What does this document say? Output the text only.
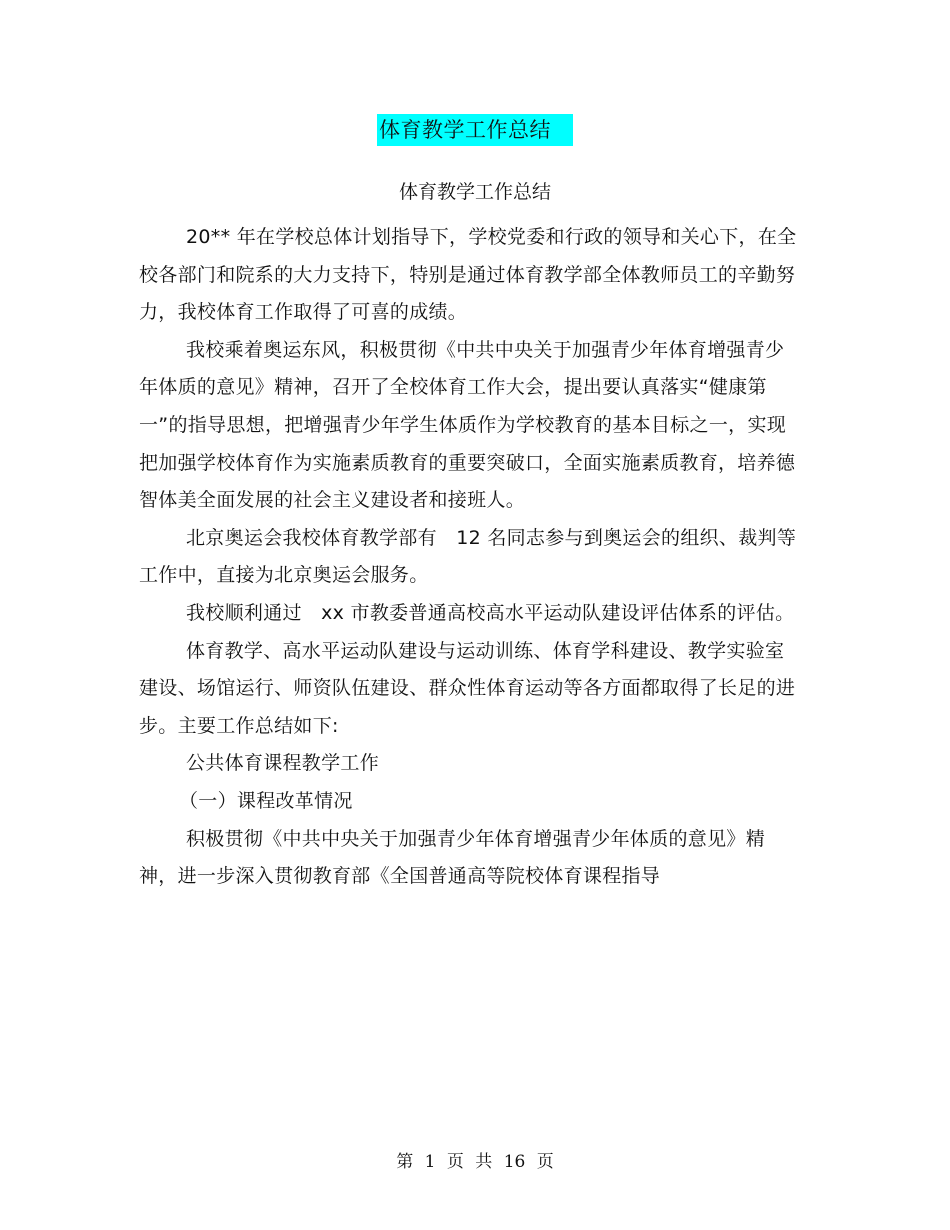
体育教学工作总结
体育教学工作总结

20** 年在学校总体计划指导下，学校党委和行政的领导和关心下，在全校各部门和院系的大力支持下，特别是通过体育教学部全体教师员工的辛勤努力，我校体育工作取得了可喜的成绩。

我校乘着奥运东风，积极贯彻《中共中央关于加强青少年体育增强青少年体质的意见》精神，召开了全校体育工作大会，提出要认真落实“健康第一”的指导思想，把增强青少年学生体质作为学校教育的基本目标之一，实现把加强学校体育作为实施素质教育的重要突破口，全面实施素质教育，培养德智体美全面发展的社会主义建设者和接班人。

北京奥运会我校体育教学部有　12 名同志参与到奥运会的组织、裁判等工作中，直接为北京奥运会服务。

我校顺利通过　xx 市教委普通高校高水平运动队建设评估体系的评估。

体育教学、高水平运动队建设与运动训练、体育学科建设、教学实验室建设、场馆运行、师资队伍建设、群众性体育运动等各方面都取得了长足的进步。主要工作总结如下:

公共体育课程教学工作

（一）课程改革情况

积极贯彻《中共中央关于加强青少年体育增强青少年体质的意见》精神，进一步深入贯彻教育部《全国普通高等院校体育课程指导

第 1 页 共 16 页
